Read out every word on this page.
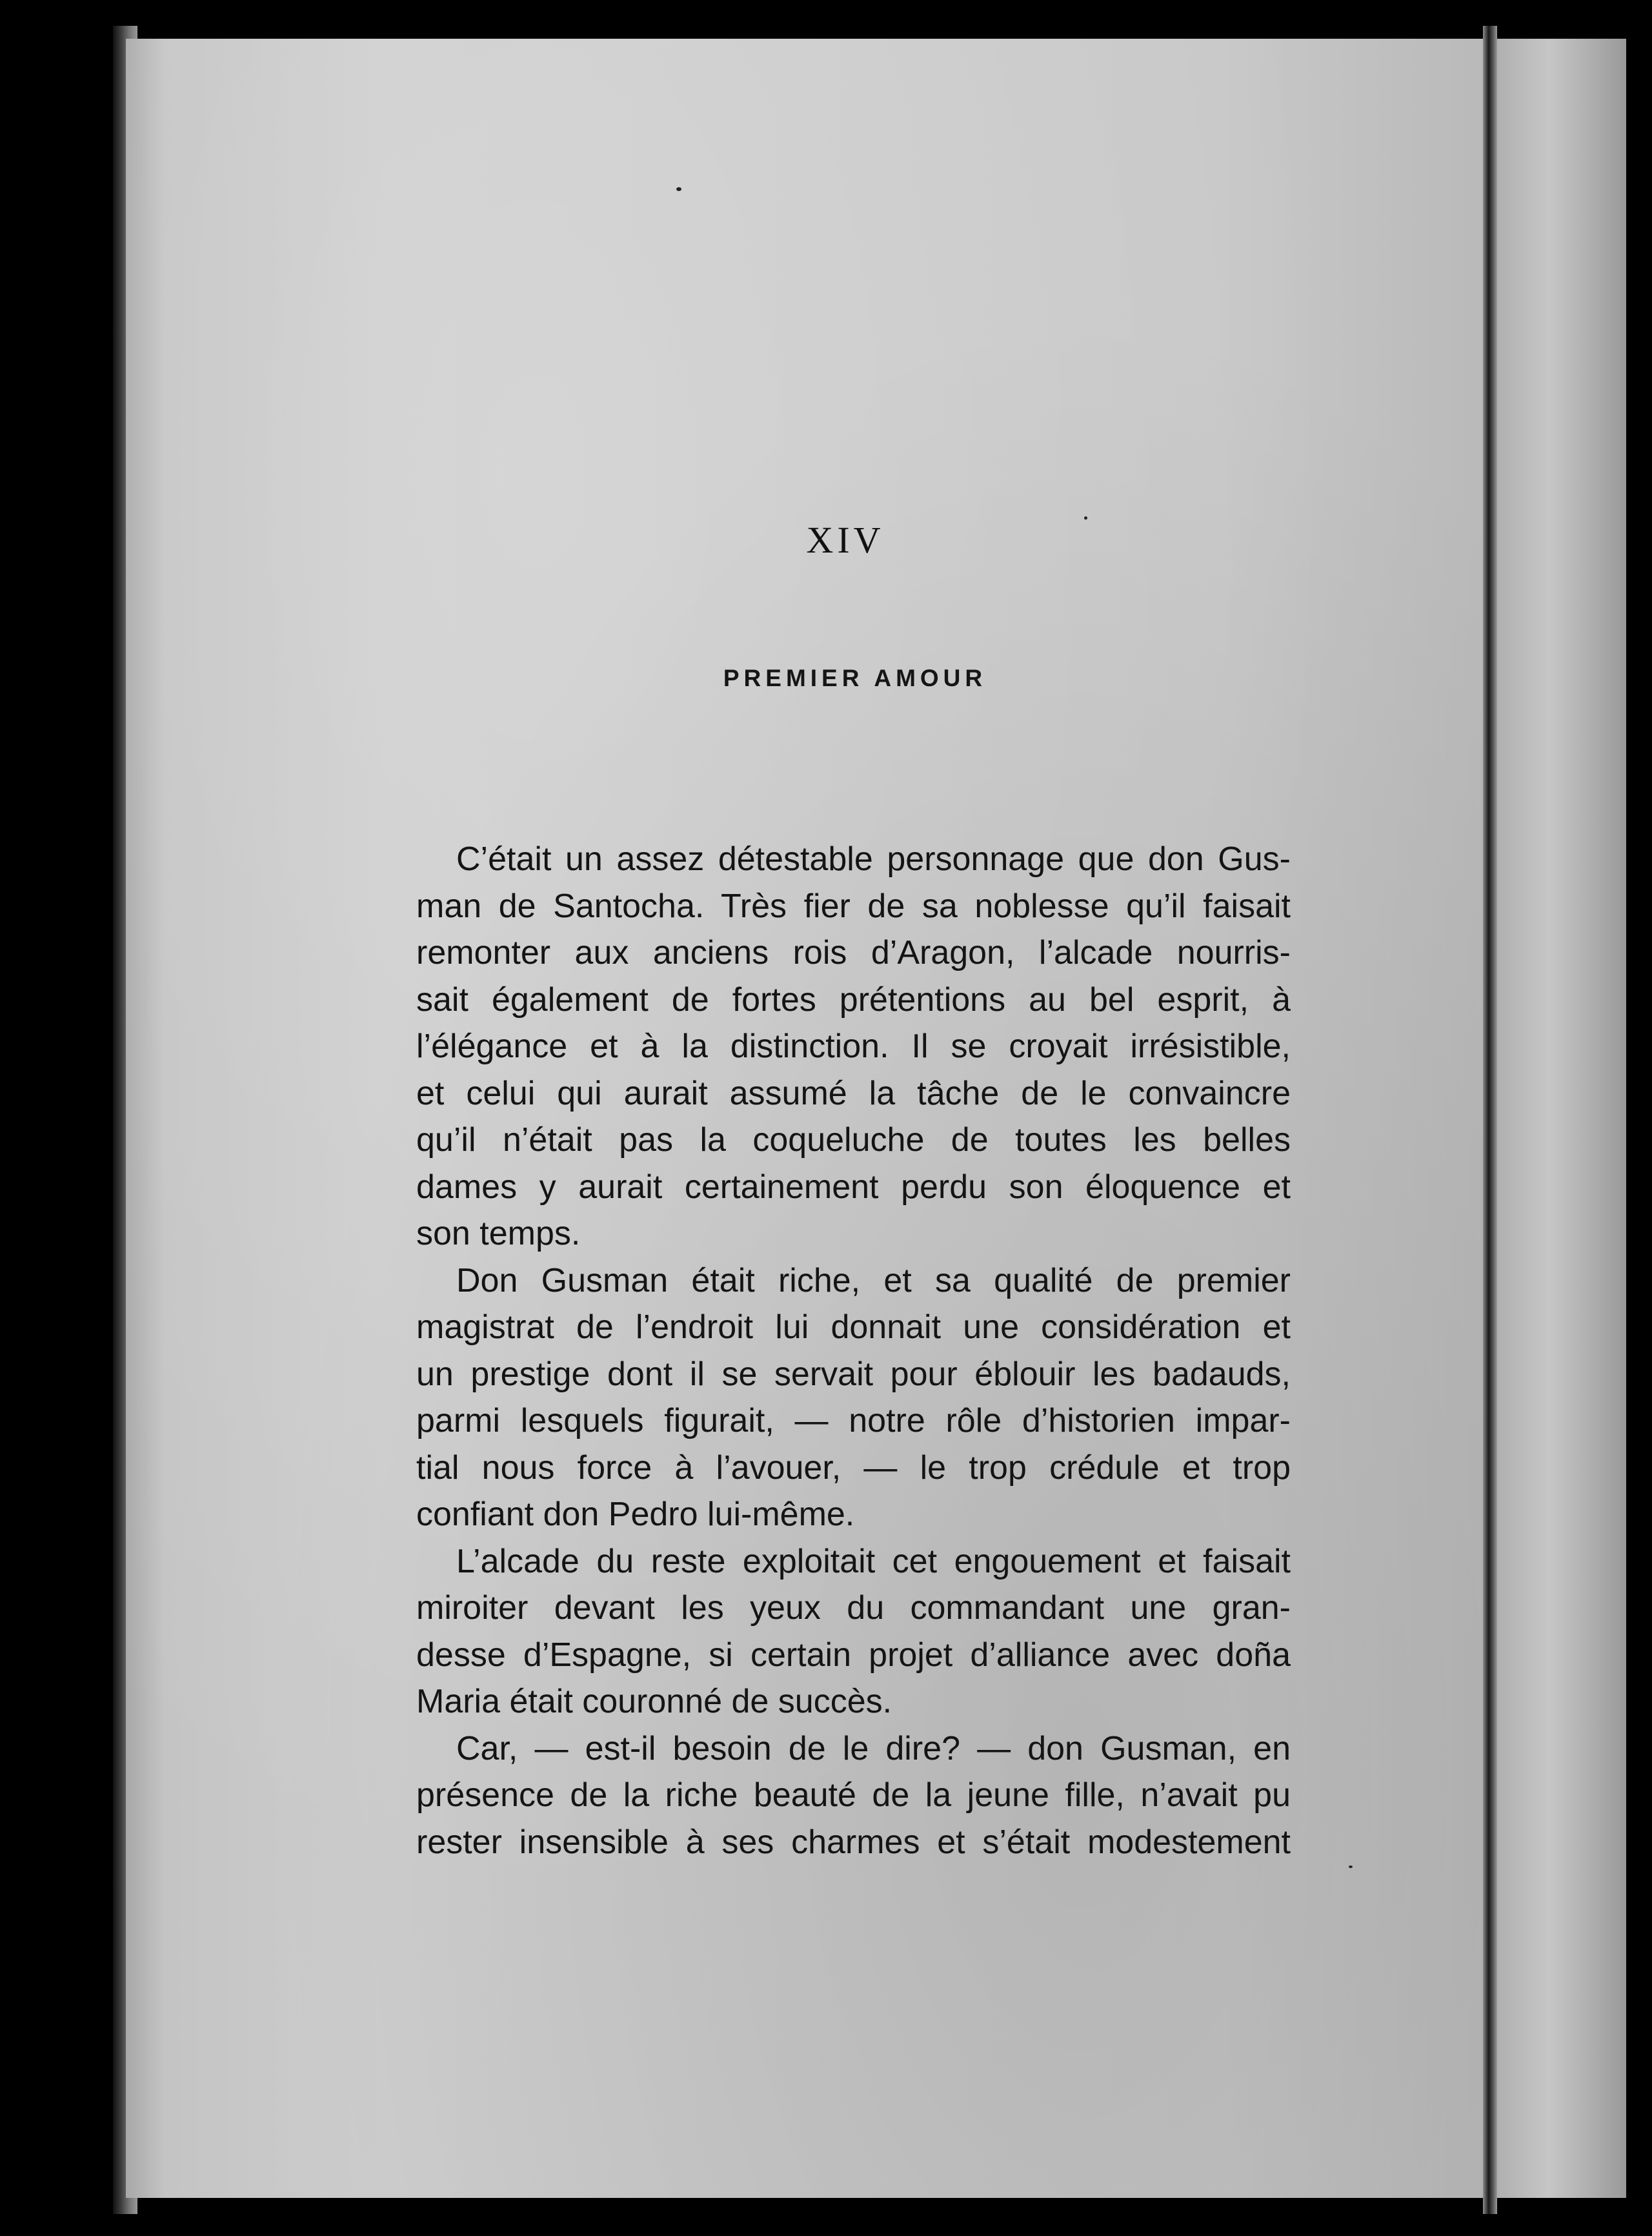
XIV
PREMIER AMOUR
C’était un assez détestable personnage que don Gus-
man de Santocha. Très fier de sa noblesse qu’il faisait
remonter aux anciens rois d’Aragon, l’alcade nourris-
sait également de fortes prétentions au bel esprit, à
l’élégance et à la distinction. Il se croyait irrésistible,
et celui qui aurait assumé la tâche de le convaincre
qu’il n’était pas la coqueluche de toutes les belles
dames y aurait certainement perdu son éloquence et
son temps.
Don Gusman était riche, et sa qualité de premier
magistrat de l’endroit lui donnait une considération et
un prestige dont il se servait pour éblouir les badauds,
parmi lesquels figurait, — notre rôle d’historien impar-
tial nous force à l’avouer, — le trop crédule et trop
confiant don Pedro lui-même.
L’alcade du reste exploitait cet engouement et faisait
miroiter devant les yeux du commandant une gran-
desse d’Espagne, si certain projet d’alliance avec doña
Maria était couronné de succès.
Car, — est-il besoin de le dire? — don Gusman, en
présence de la riche beauté de la jeune fille, n’avait pu
rester insensible à ses charmes et s’était modestement
